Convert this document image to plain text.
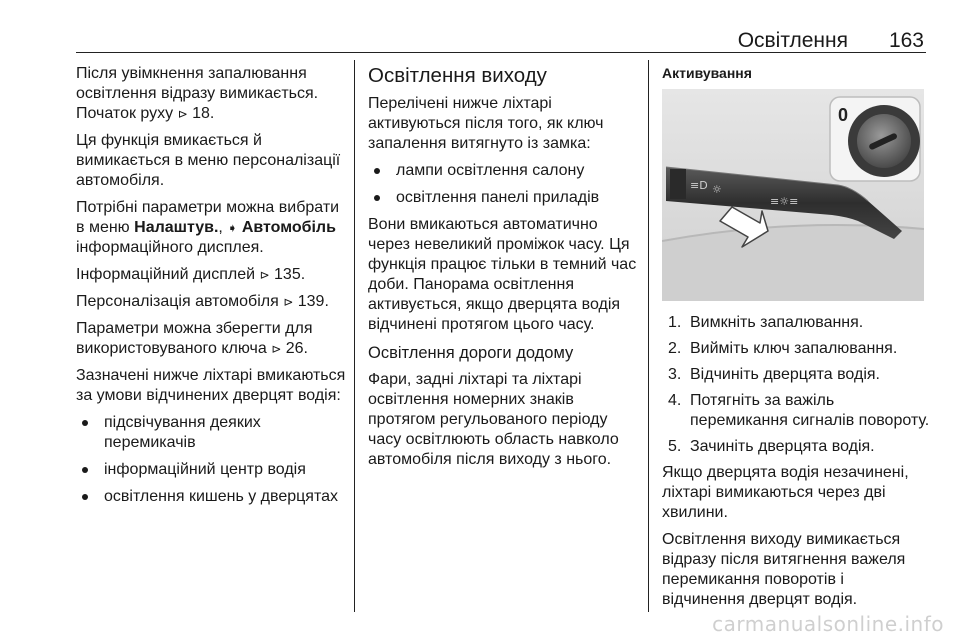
Освітлення 163

Після увімкнення запалювання освітлення відразу вимикається. Початок руху ⊳ 18.

Ця функція вмикається й вимикається в меню персоналізації автомобіля.

Потрібні параметри можна вибрати в меню Налаштув., ➧ Автомобіль інформаційного дисплея.

Інформаційний дисплей ⊳ 135.

Персоналізація автомобіля ⊳ 139.

Параметри можна зберегти для використовуваного ключа ⊳ 26.

Зазначені нижче ліхтарі вмикаються за умови відчинених дверцят водія:

підсвічування деяких перемикачів
інформаційний центр водія
освітлення кишень у дверцятах
Освітлення виходу

Перелічені нижче ліхтарі активуються після того, як ключ запалення витягнуто із замка:

лампи освітлення салону
освітлення панелі приладів

Вони вмикаються автоматично через невеликий проміжок часу. Ця функція працює тільки в темний час доби. Панорама освітлення активується, якщо дверцята водія відчинені протягом цього часу.

Освітлення дороги додому

Фари, задні ліхтарі та ліхтарі освітлення номерних знаків протягом регульованого періоду часу освітлюють область навколо автомобіля після виходу з нього.

Активування
0
≡D ☼
≡☼≡
1. Вимкніть запалювання.
2. Вийміть ключ запалювання.
3. Відчиніть дверцята водія.
4. Потягніть за важіль перемикання сигналів повороту.
5. Зачиніть дверцята водія.

Якщо дверцята водія незачинені, ліхтарі вимикаються через дві хвилини.

Освітлення виходу вимикається відразу після витягнення важеля перемикання поворотів і відчинення дверцят водія.

carmanualsonline.info
